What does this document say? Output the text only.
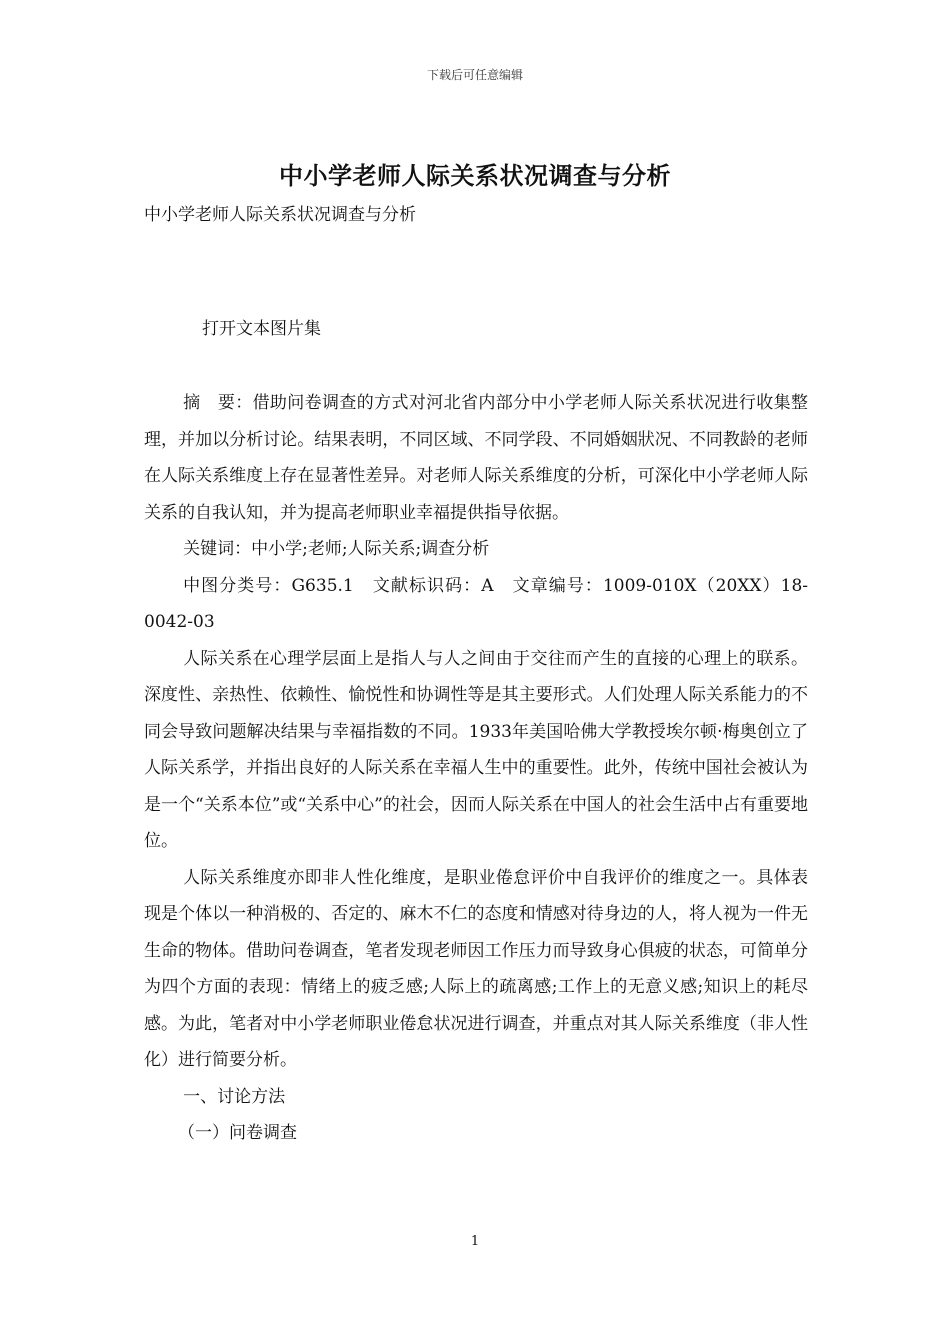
下载后可任意编辑
中小学老师人际关系状况调查与分析
中小学老师人际关系状况调查与分析
打开文本图片集

摘　要：借助问卷调查的方式对河北省内部分中小学老师人际关系状况进行收集整理，并加以分析讨论。结果表明，不同区域、不同学段、不同婚姻狀况、不同教龄的老师在人际关系维度上存在显著性差异。对老师人际关系维度的分析，可深化中小学老师人际关系的自我认知，并为提高老师职业幸福提供指导依据。

关键词：中小学;老师;人际关系;调查分析

中图分类号：G635.1　文献标识码：A　文章编号：1009-010X（20XX）18-0042-03

人际关系在心理学层面上是指人与人之间由于交往而产生的直接的心理上的联系。深度性、亲热性、依赖性、愉悦性和协调性等是其主要形式。人们处理人际关系能力的不同会导致问题解决结果与幸福指数的不同。1933年美国哈佛大学教授埃尔顿·梅奥创立了人际关系学，并指出良好的人际关系在幸福人生中的重要性。此外，传统中国社会被认为是一个“关系本位”或“关系中心”的社会，因而人际关系在中国人的社会生活中占有重要地位。

人际关系维度亦即非人性化维度，是职业倦怠评价中自我评价的维度之一。具体表现是个体以一种消极的、否定的、麻木不仁的态度和情感对待身边的人，将人视为一件无生命的物体。借助问卷调查，笔者发现老师因工作压力而导致身心俱疲的状态，可简单分为四个方面的表现：情绪上的疲乏感;人际上的疏离感;工作上的无意义感;知识上的耗尽感。为此，笔者对中小学老师职业倦怠状况进行调查，并重点对其人际关系维度（非人性化）进行简要分析。

一、讨论方法

（一）问卷调查

1
